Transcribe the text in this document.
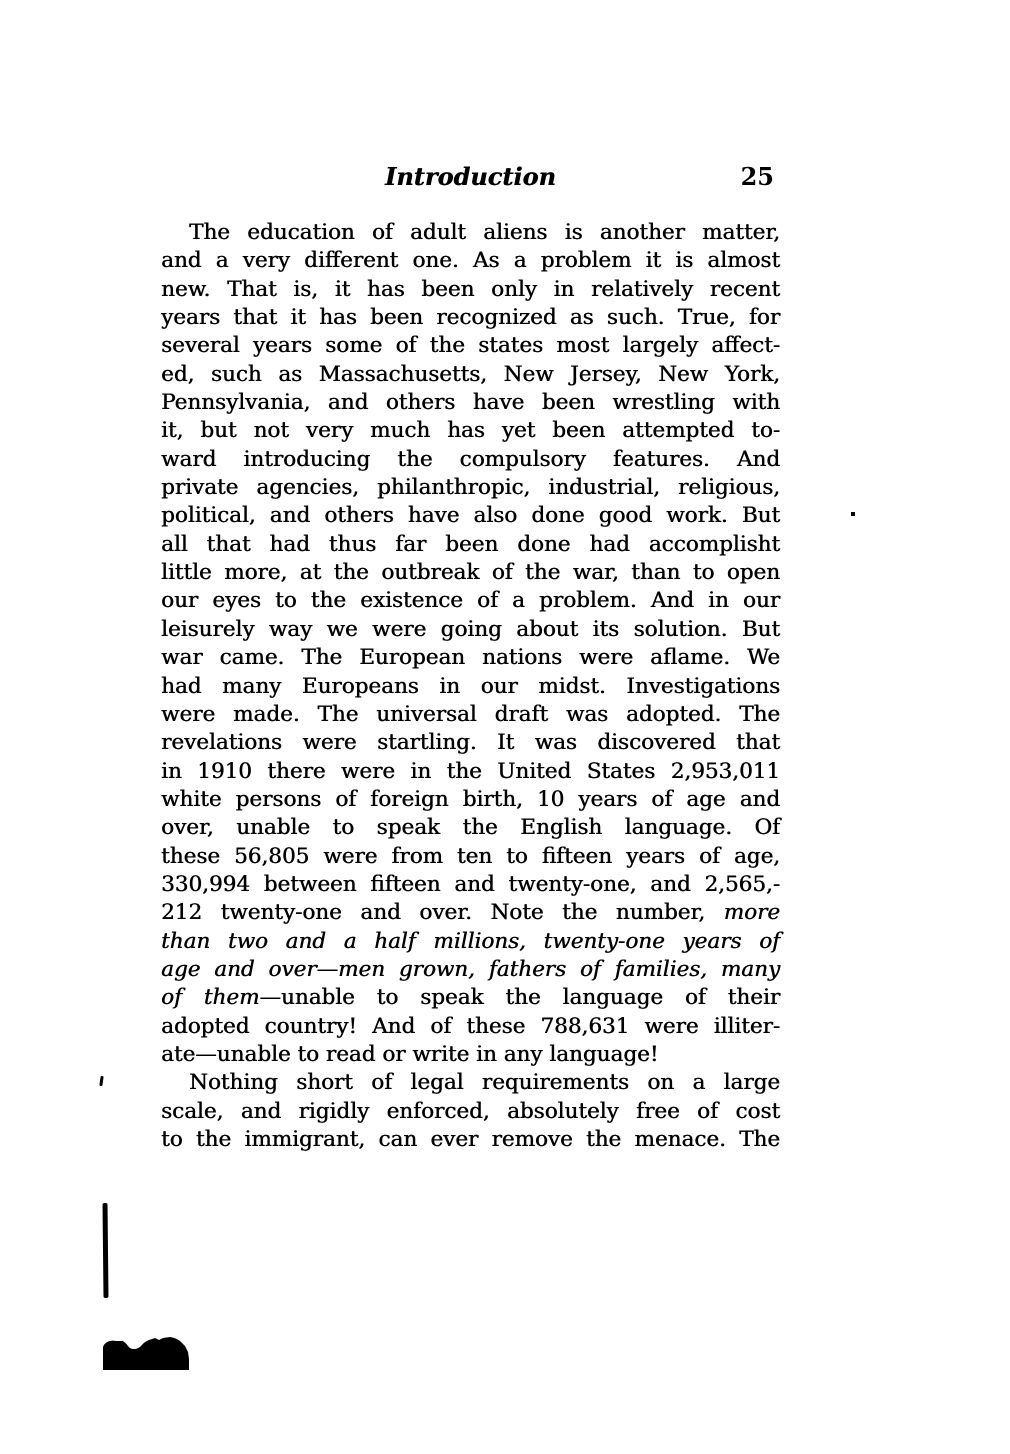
Introduction	25
The education of adult aliens is another matter,
and a very different one. As a problem it is almost
new. That is, it has been only in relatively recent
years that it has been recognized as such. True, for
several years some of the states most largely affect-
ed, such as Massachusetts, New Jersey, New York,
Pennsylvania, and others have been wrestling with
it, but not very much has yet been attempted to-
ward introducing the compulsory features. And
private agencies, philanthropic, industrial, religious,
political, and others have also done good work. But
all that had thus far been done had accomplisht
little more, at the outbreak of the war, than to open
our eyes to the existence of a problem. And in our
leisurely way we were going about its solution. But
war came. The European nations were aflame. We
had many Europeans in our midst. Investigations
were made. The universal draft was adopted. The
revelations were startling. It was discovered that
in 1910 there were in the United States 2,953,011
white persons of foreign birth, 10 years of age and
over, unable to speak the English language. Of
these 56,805 were from ten to fifteen years of age,
330,994 between fifteen and twenty-one, and 2,565,-
212 twenty-one and over. Note the number, more
than two and a half millions, twenty-one years of
age and over—men grown, fathers of families, many
of them—unable to speak the language of their
adopted country! And of these 788,631 were illiter-
ate—unable to read or write in any language!
Nothing short of legal requirements on a large
scale, and rigidly enforced, absolutely free of cost
to the immigrant, can ever remove the menace. The
